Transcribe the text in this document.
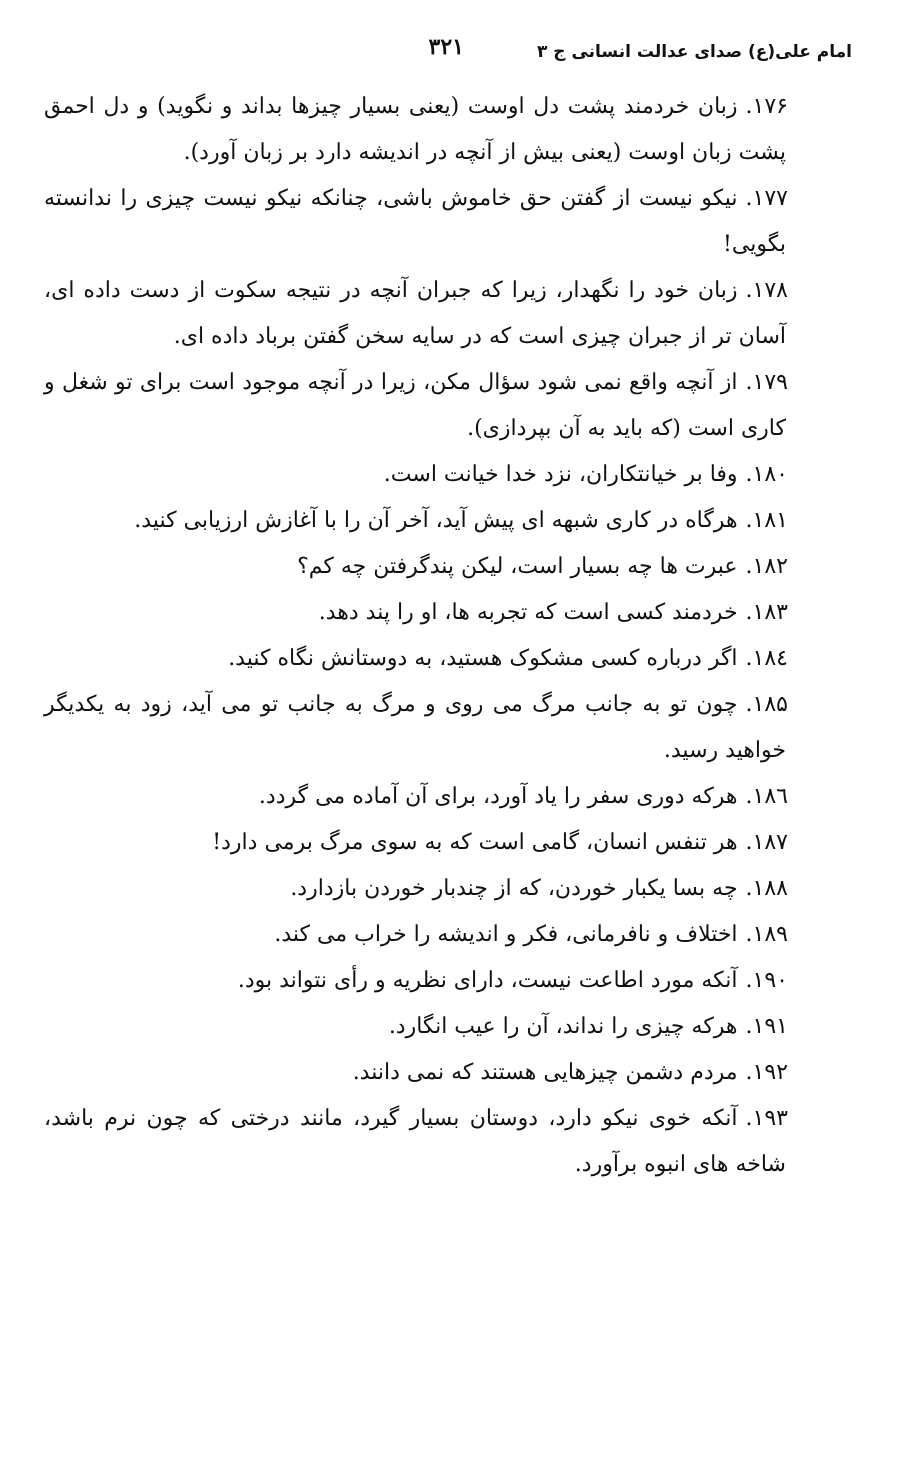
امام علی(ع) صدای عدالت انسانی ج ۳
۳۲۱

۱۷۶.زبان خردمند پشت دل اوست (یعنی بسیار چیزها بداند و نگوید) و دل احمق پشت زبان اوست (یعنی بیش از آنچه در اندیشه دارد بر زبان آورد).

۱۷۷.نیکو نیست از گفتن حق خاموش باشی، چنانکه نیکو نیست چیزی را ندانسته بگویی!

۱۷۸.زبان خود را نگهدار، زیرا که جبران آنچه در نتیجه سکوت از دست داده ای، آسان تر از جبران چیزی است که در سایه سخن گفتن برباد داده ای.

۱۷۹.از آنچه واقع نمی شود سؤال مکن، زیرا در آنچه موجود است برای تو شغل و کاری است (که باید به آن بپردازی).

۱۸۰.وفا بر خیانتکاران، نزد خدا خیانت است.

۱۸۱.هرگاه در کاری شبهه ای پیش آید، آخر آن را با آغازش ارزیابی کنید.

۱۸۲.عبرت ها چه بسیار است، لیکن پندگرفتن چه کم؟

۱۸۳.خردمند کسی است که تجربه ها، او را پند دهد.

۱۸٤.اگر درباره کسی مشکوک هستید، به دوستانش نگاه کنید.

۱۸۵.چون تو به جانب مرگ می روی و مرگ به جانب تو می آید، زود به یکدیگر خواهید رسید.

۱۸٦.هرکه دوری سفر را یاد آورد، برای آن آماده می گردد.

۱۸۷.هر تنفس انسان، گامی است که به سوی مرگ برمی دارد!

۱۸۸.چه بسا یکبار خوردن، که از چندبار خوردن بازدارد.

۱۸۹.اختلاف و نافرمانی، فکر و اندیشه را خراب می کند.

۱۹۰.آنکه مورد اطاعت نیست، دارای نظریه و رأی نتواند بود.

۱۹۱.هرکه چیزی را نداند، آن را عیب انگارد.

۱۹۲.مردم دشمن چیزهایی هستند که نمی دانند.

۱۹۳.آنکه خوی نیکو دارد، دوستان بسیار گیرد، مانند درختی که چون نرم باشد، شاخه های انبوه برآورد.
